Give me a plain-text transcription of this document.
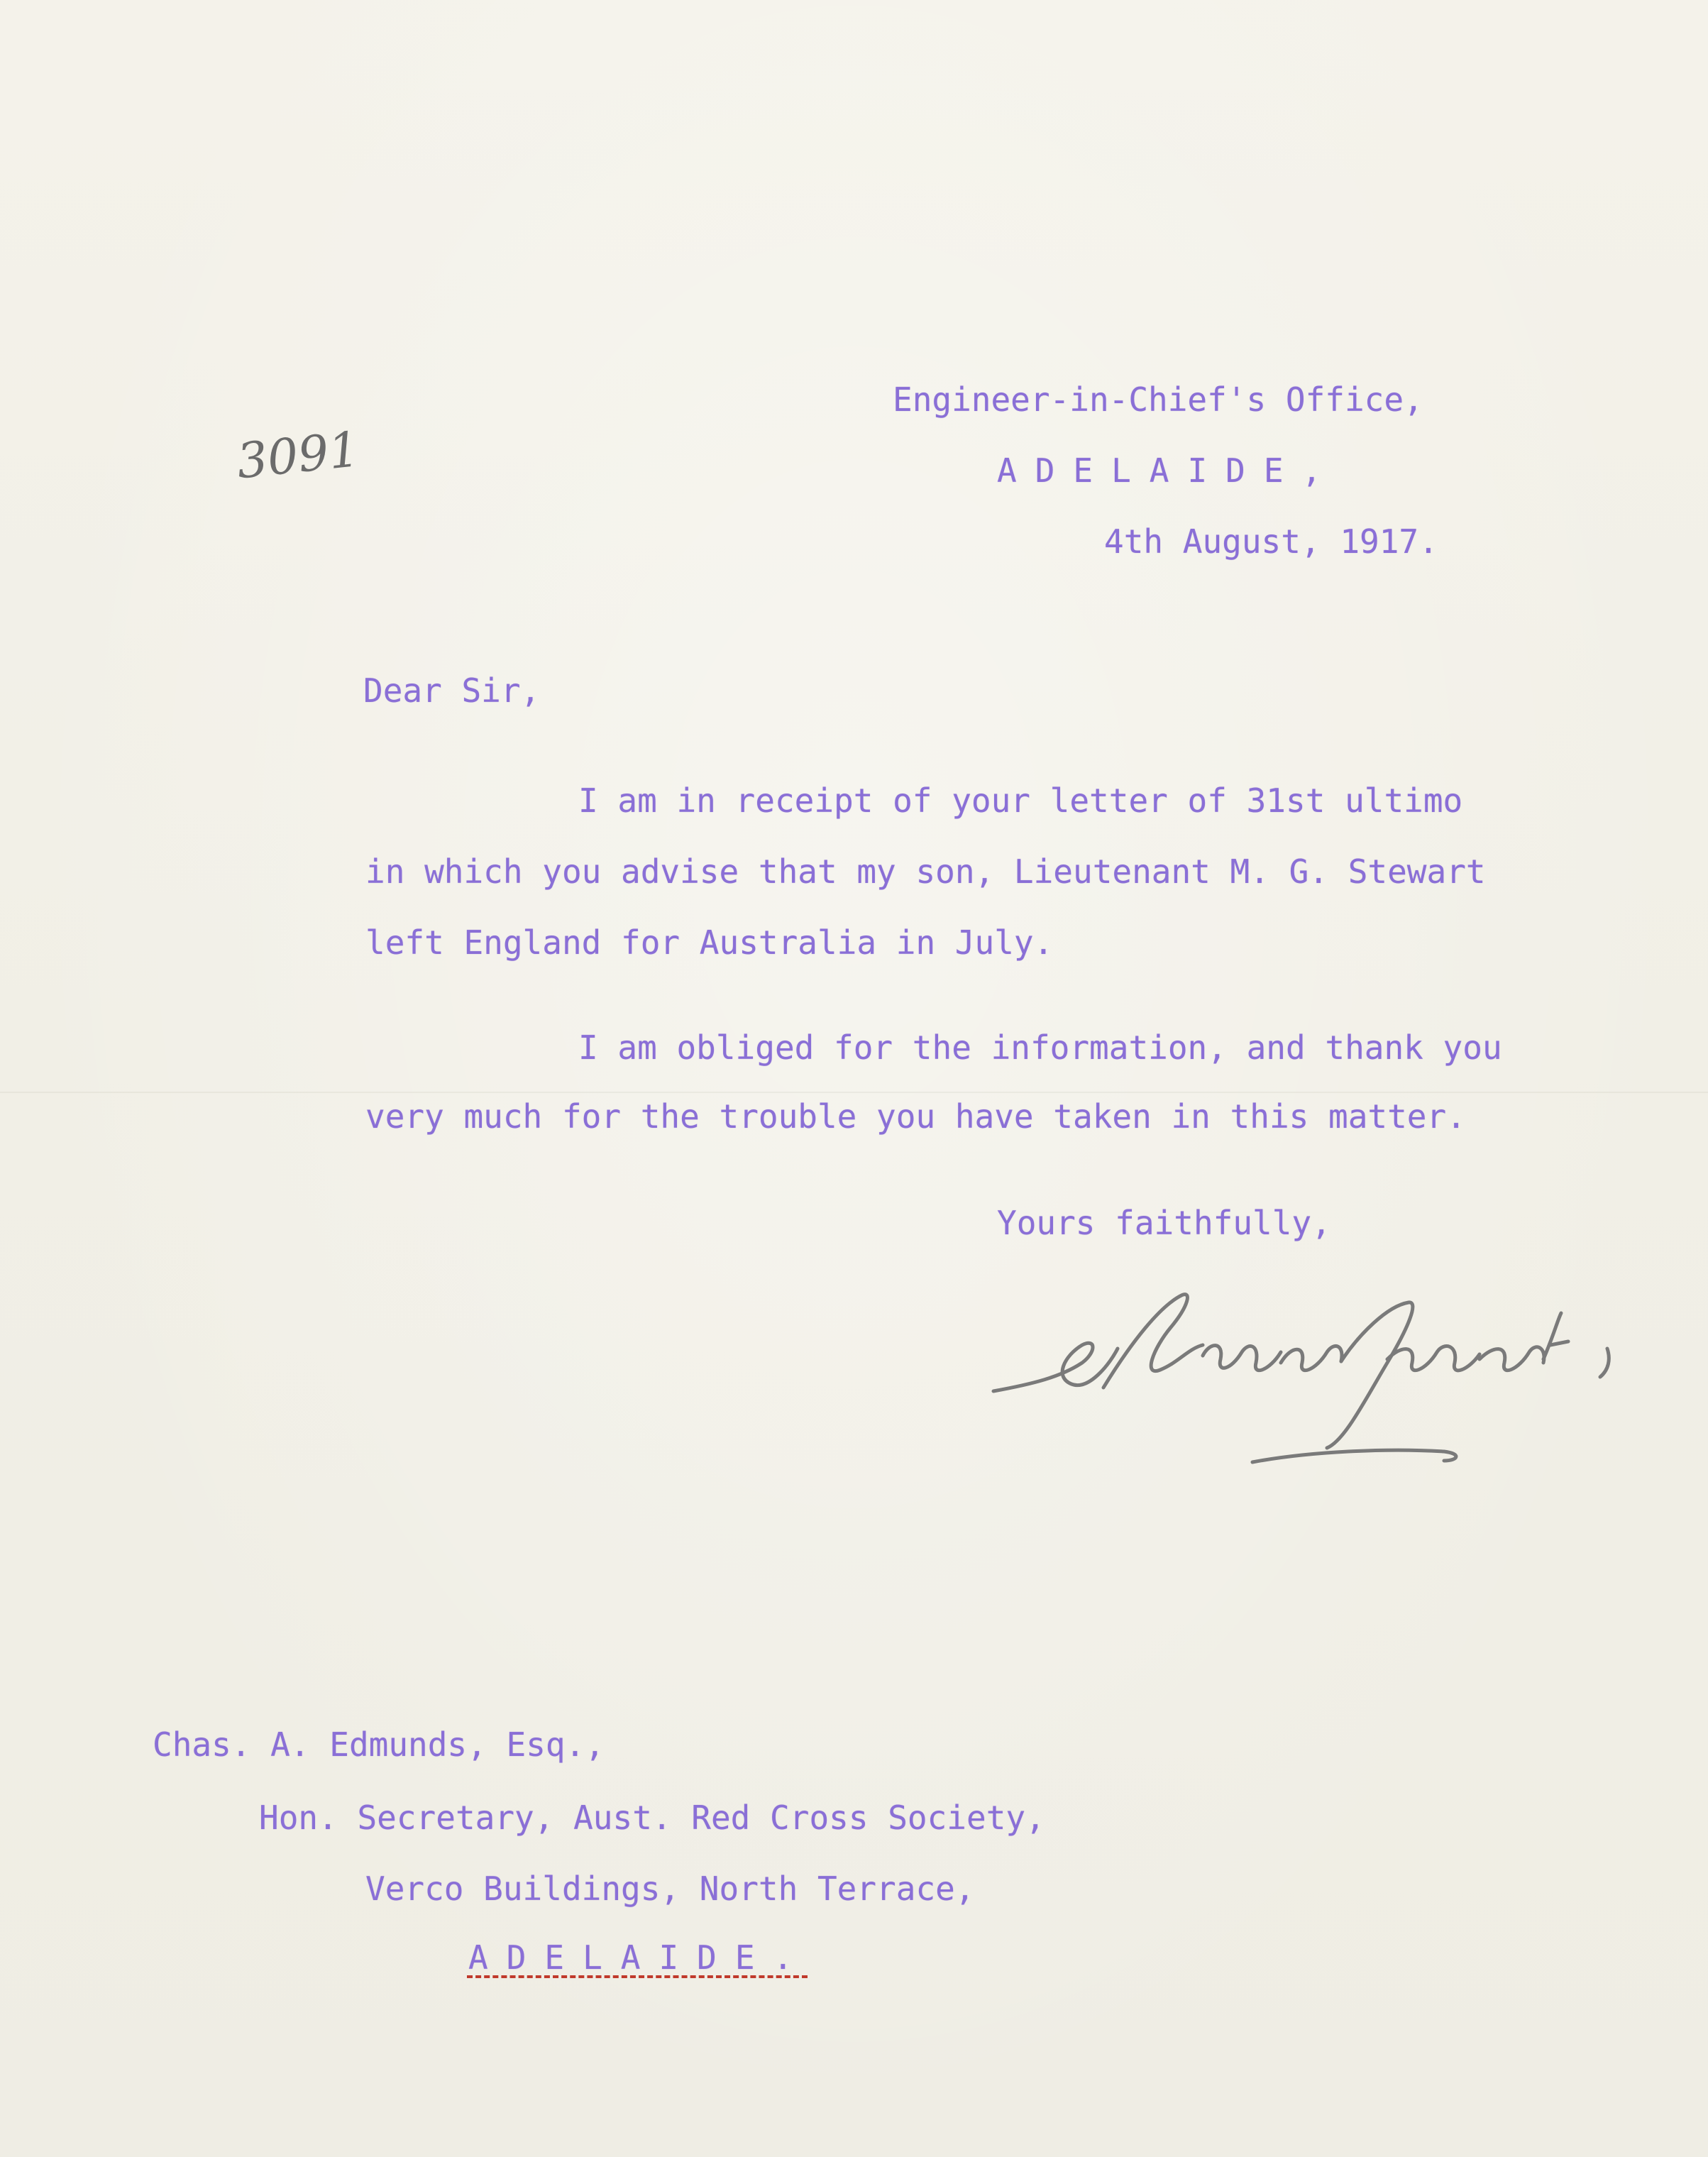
3091
Engineer-in-Chief's Office,
ADELAIDE,
4th August, 1917.
Dear Sir,
I am in receipt of your letter of 31st ultimo
in which you advise that my son, Lieutenant M. G. Stewart
left England for Australia in July.
I am obliged for the information, and thank you
very much for the trouble you have taken in this matter.
Yours faithfully,
Chas. A. Edmunds, Esq.,
Hon. Secretary, Aust. Red Cross Society,
Verco Buildings, North Terrace,
ADELAIDE.
